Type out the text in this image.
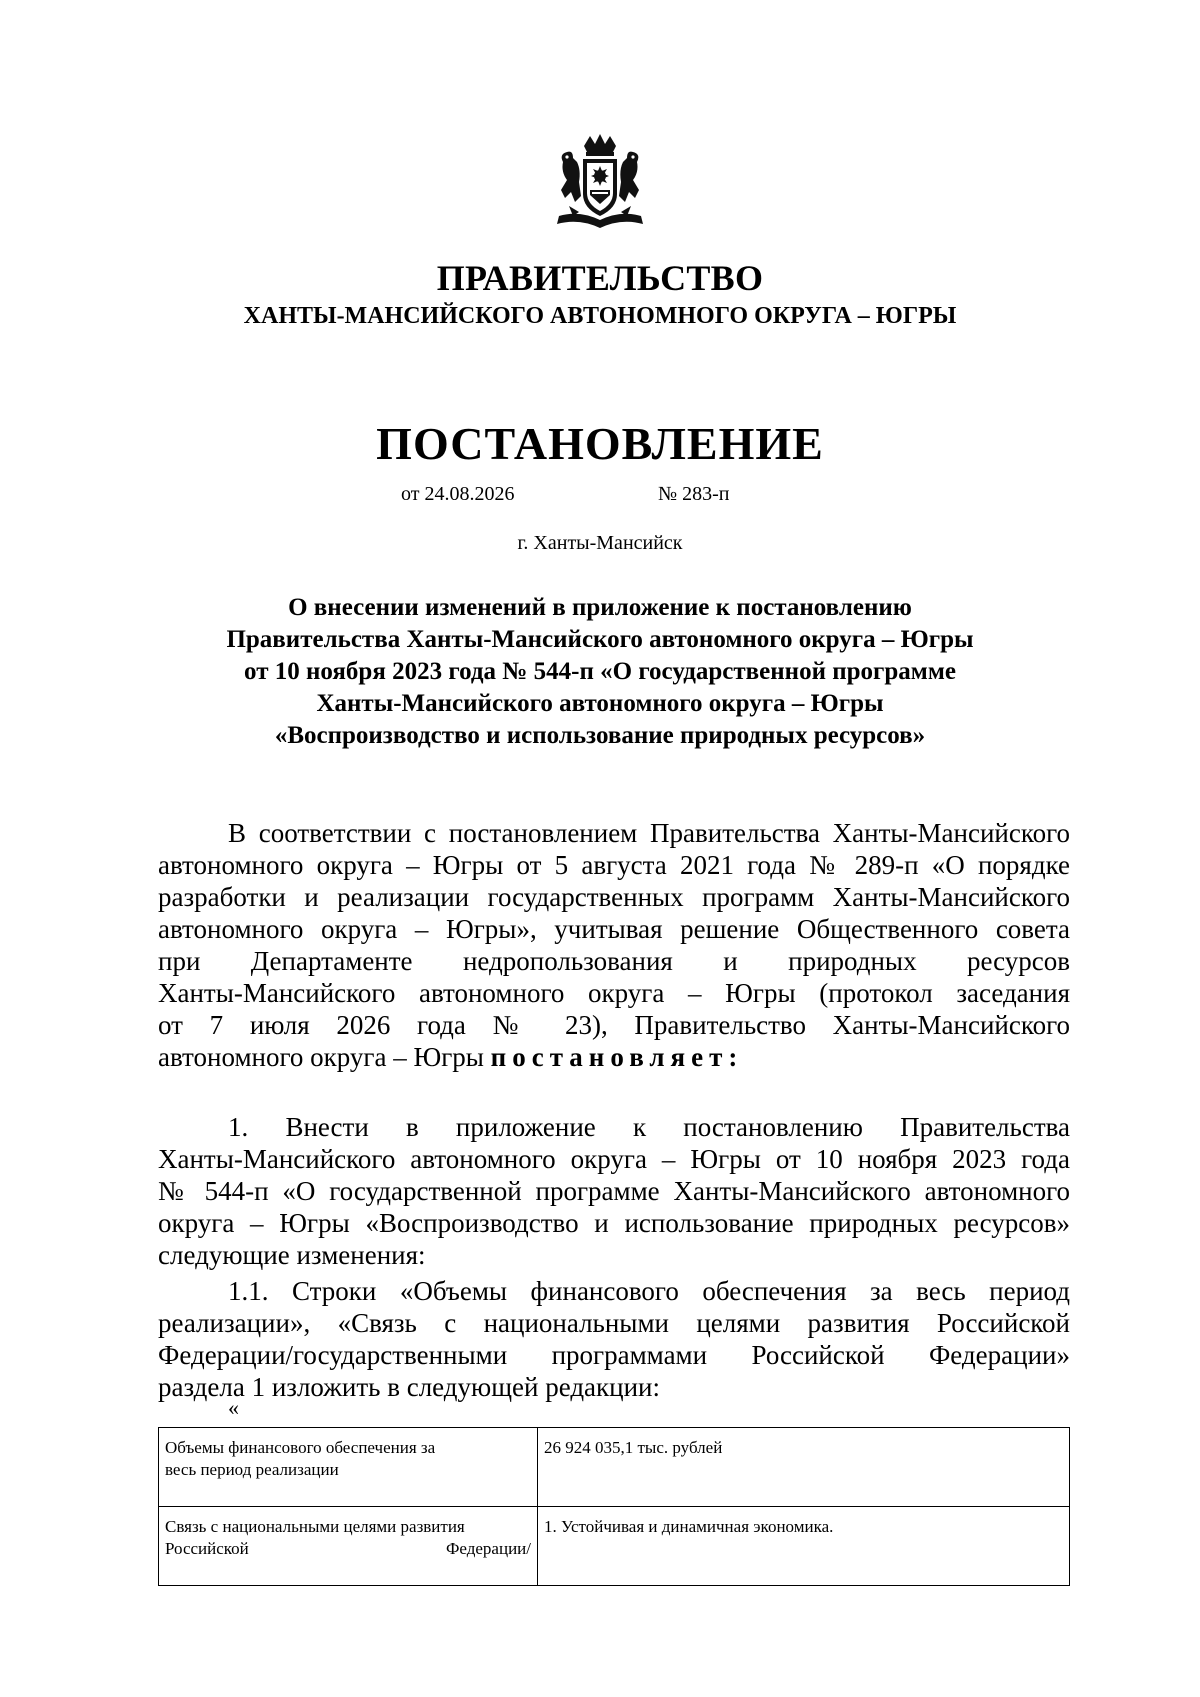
ПРАВИТЕЛЬСТВО
ХАНТЫ-МАНСИЙСКОГО АВТОНОМНОГО ОКРУГА – ЮГРЫ
ПОСТАНОВЛЕНИЕ
от 24.08.2026	№ 283-п
г. Ханты-Мансийск
О внесении изменений в приложение к постановлению
Правительства Ханты-Мансийского автономного округа – Югры
от 10 ноября 2023 года № 544-п «О государственной программе
Ханты-Мансийского автономного округа – Югры
«Воспроизводство и использование природных ресурсов»
В соответствии с постановлением Правительства Ханты-Мансийского
автономного округа – Югры от 5 августа 2021 года № 289-п «О порядке
разработки и реализации государственных программ Ханты-Мансийского
автономного округа – Югры», учитывая решение Общественного совета
при Департаменте недропользования и природных ресурсов
Ханты-Мансийского автономного округа – Югры (протокол заседания
от 7 июля 2026 года № 23), Правительство Ханты-Мансийского
автономного округа – Югры постановляет:
1. Внести в приложение к постановлению Правительства
Ханты-Мансийского автономного округа – Югры от 10 ноября 2023 года
№ 544-п «О государственной программе Ханты-Мансийского автономного
округа – Югры «Воспроизводство и использование природных ресурсов»
следующие изменения:
1.1. Строки «Объемы финансового обеспечения за весь период
реализации», «Связь с национальными целями развития Российской
Федерации/государственными программами Российской Федерации»
раздела 1 изложить в следующей редакции:
«
Объемы финансового обеспечения за
весь период реализации	26 924 035,1 тыс. рублей

Связь с национальными целями развития
Российской Федерации/	1. Устойчивая и динамичная экономика.
